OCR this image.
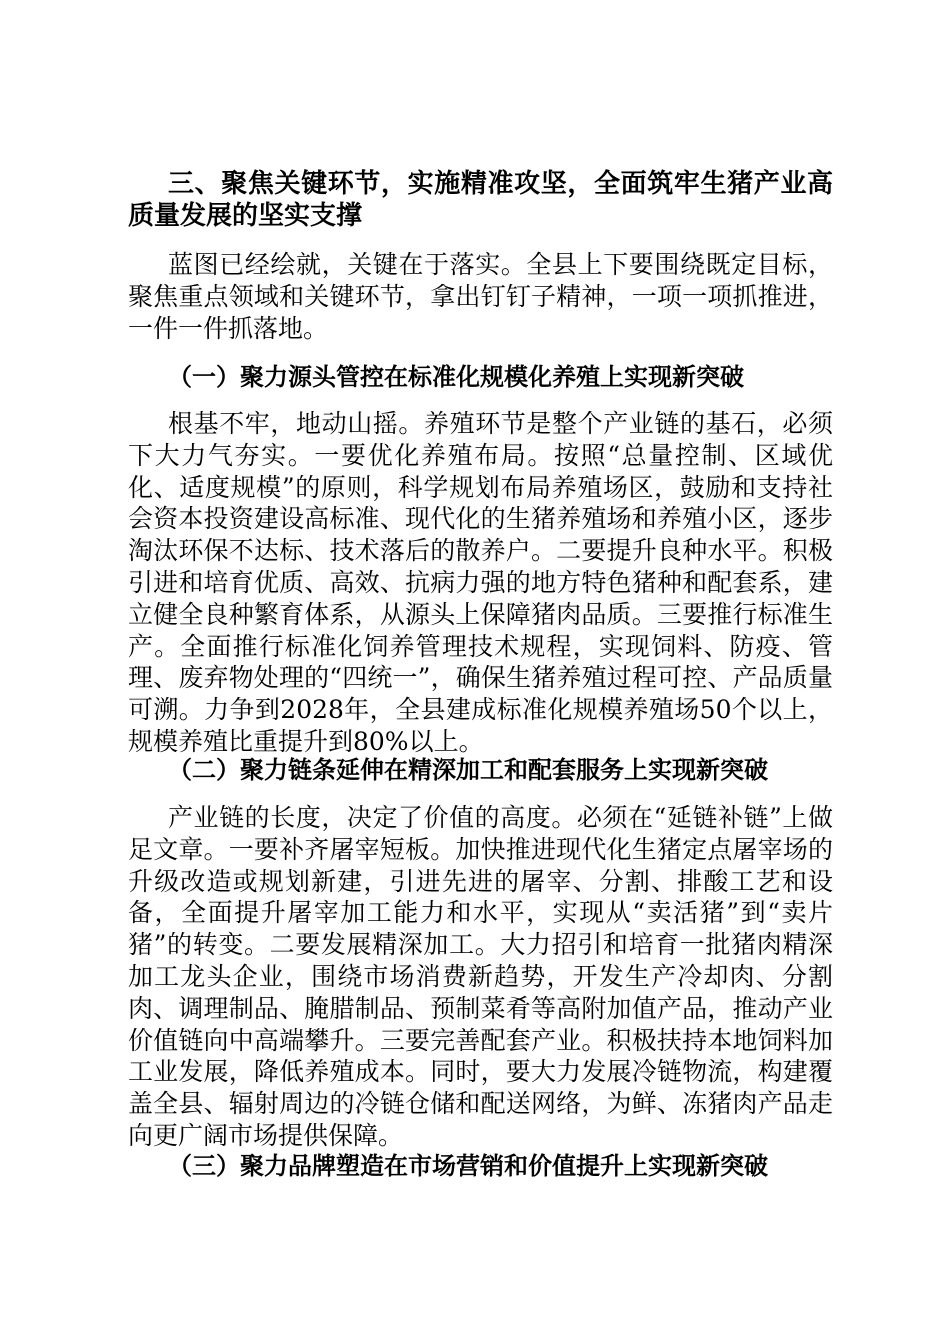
三、聚焦关键环节，实施精准攻坚，全面筑牢生猪产业高质量发展的坚实支撑

蓝图已经绘就，关键在于落实。全县上下要围绕既定目标，聚焦重点领域和关键环节，拿出钉钉子精神，一项一项抓推进，一件一件抓落地。

（一）聚力源头管控在标准化规模化养殖上实现新突破

根基不牢，地动山摇。养殖环节是整个产业链的基石，必须下大力气夯实。一要优化养殖布局。按照“总量控制、区域优化、适度规模”的原则，科学规划布局养殖场区，鼓励和支持社会资本投资建设高标准、现代化的生猪养殖场和养殖小区，逐步淘汰环保不达标、技术落后的散养户。二要提升良种水平。积极引进和培育优质、高效、抗病力强的地方特色猪种和配套系，建立健全良种繁育体系，从源头上保障猪肉品质。三要推行标准生产。全面推行标准化饲养管理技术规程，实现饲料、防疫、管理、废弃物处理的“四统一”，确保生猪养殖过程可控、产品质量可溯。力争到2028年，全县建成标准化规模养殖场50个以上，规模养殖比重提升到80%以上。

（二）聚力链条延伸在精深加工和配套服务上实现新突破

产业链的长度，决定了价值的高度。必须在“延链补链”上做足文章。一要补齐屠宰短板。加快推进现代化生猪定点屠宰场的升级改造或规划新建，引进先进的屠宰、分割、排酸工艺和设备，全面提升屠宰加工能力和水平，实现从“卖活猪”到“卖片猪”的转变。二要发展精深加工。大力招引和培育一批猪肉精深加工龙头企业，围绕市场消费新趋势，开发生产冷却肉、分割肉、调理制品、腌腊制品、预制菜肴等高附加值产品，推动产业价值链向中高端攀升。三要完善配套产业。积极扶持本地饲料加工业发展，降低养殖成本。同时，要大力发展冷链物流，构建覆盖全县、辐射周边的冷链仓储和配送网络，为鲜、冻猪肉产品走向更广阔市场提供保障。

（三）聚力品牌塑造在市场营销和价值提升上实现新突破
